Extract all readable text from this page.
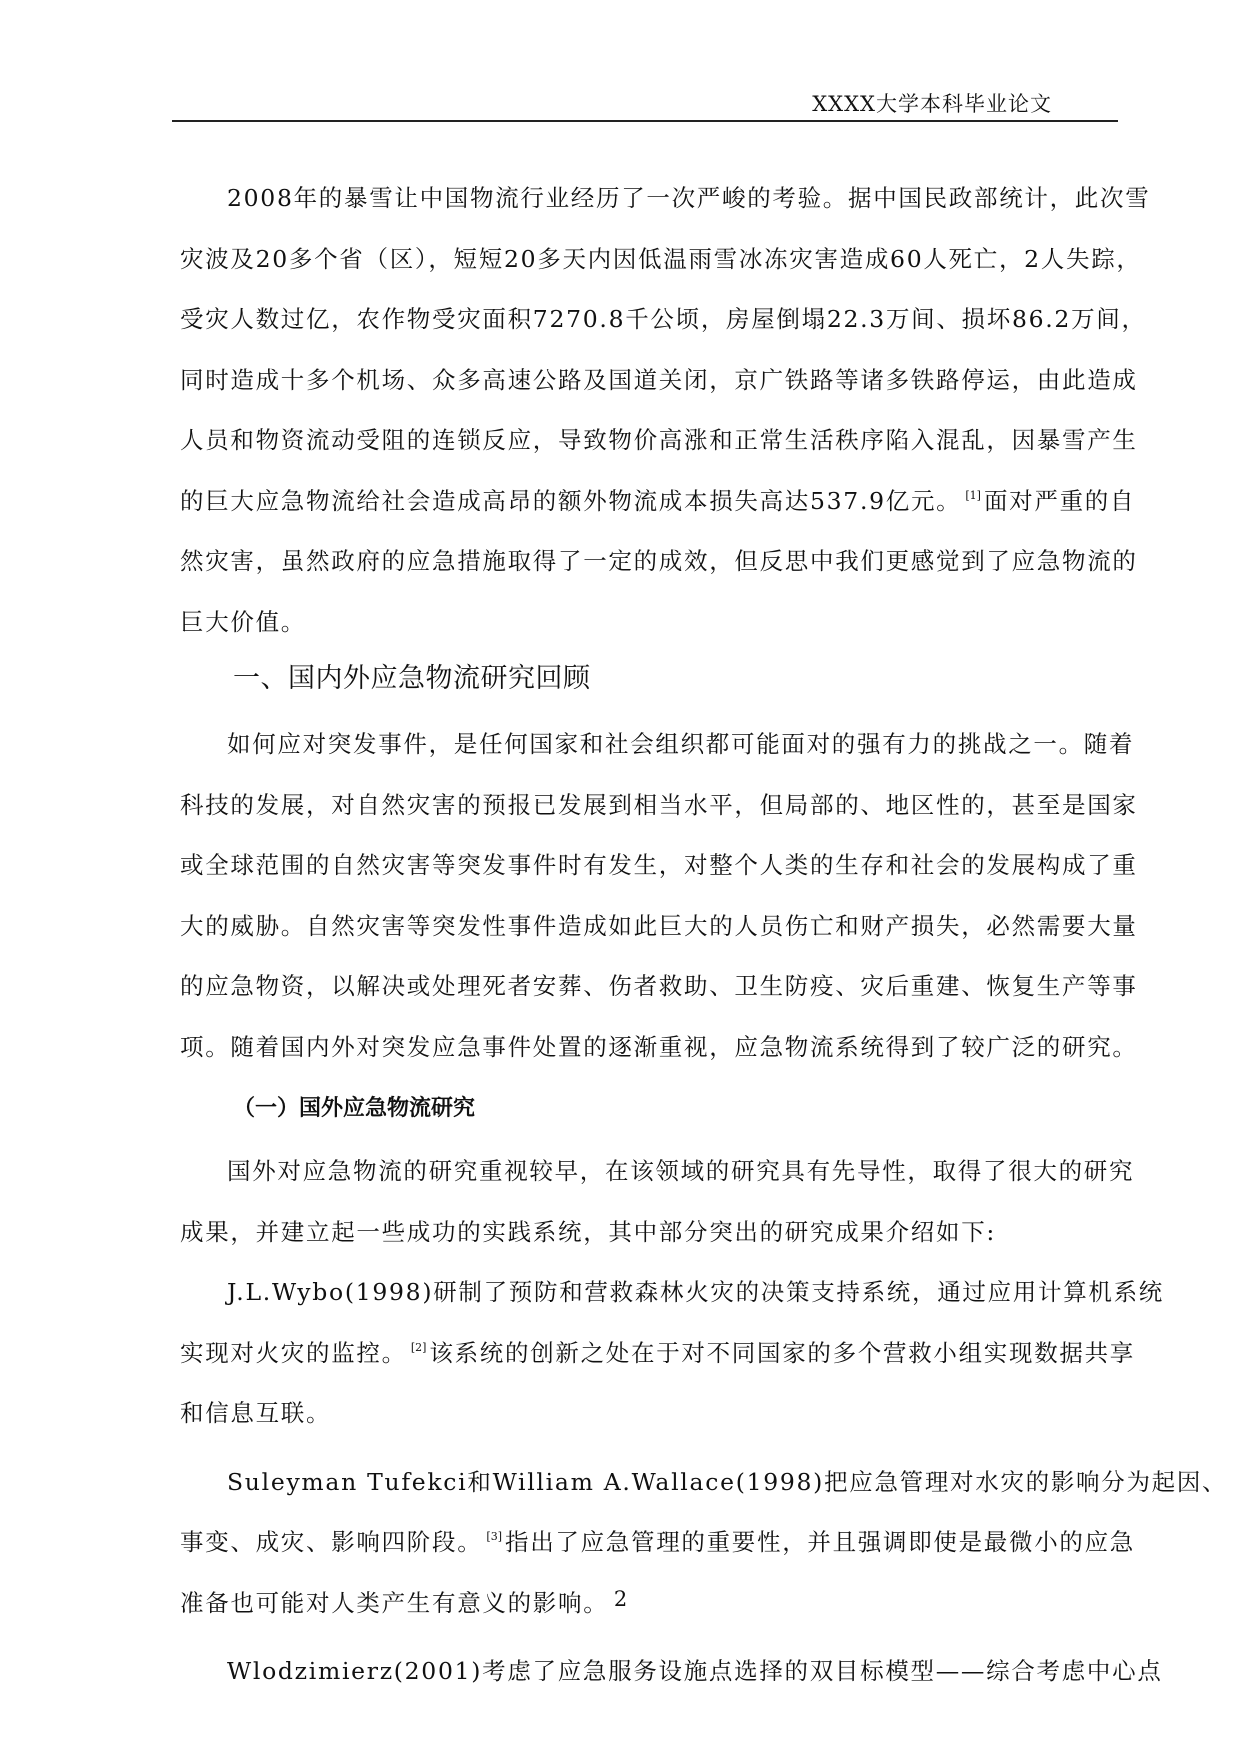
XXXX大学本科毕业论文
2008年的暴雪让中国物流行业经历了一次严峻的考验。据中国民政部统计，此次雪
灾波及20多个省（区），短短20多天内因低温雨雪冰冻灾害造成60人死亡，2人失踪，
受灾人数过亿，农作物受灾面积7270.8千公顷，房屋倒塌22.3万间、损坏86.2万间，
同时造成十多个机场、众多高速公路及国道关闭，京广铁路等诸多铁路停运，由此造成
人员和物资流动受阻的连锁反应，导致物价高涨和正常生活秩序陷入混乱，因暴雪产生
的巨大应急物流给社会造成高昂的额外物流成本损失高达537.9亿元。 [1] 面对严重的自
然灾害，虽然政府的应急措施取得了一定的成效，但反思中我们更感觉到了应急物流的
巨大价值。
一、国内外应急物流研究回顾
如何应对突发事件，是任何国家和社会组织都可能面对的强有力的挑战之一。随着
科技的发展，对自然灾害的预报已发展到相当水平，但局部的、地区性的，甚至是国家
或全球范围的自然灾害等突发事件时有发生，对整个人类的生存和社会的发展构成了重
大的威胁。自然灾害等突发性事件造成如此巨大的人员伤亡和财产损失，必然需要大量
的应急物资，以解决或处理死者安葬、伤者救助、卫生防疫、灾后重建、恢复生产等事
项。随着国内外对突发应急事件处置的逐渐重视，应急物流系统得到了较广泛的研究。
（一）国外应急物流研究
国外对应急物流的研究重视较早，在该领域的研究具有先导性，取得了很大的研究
成果，并建立起一些成功的实践系统，其中部分突出的研究成果介绍如下:
J.L.Wybo(1998)研制了预防和营救森林火灾的决策支持系统，通过应用计算机系统
实现对火灾的监控。 [2] 该系统的创新之处在于对不同国家的多个营救小组实现数据共享
和信息互联。
Suleyman Tufekci和William A.Wallace(1998)把应急管理对水灾的影响分为起因、
事变、成灾、影响四阶段。 [3] 指出了应急管理的重要性，并且强调即使是最微小的应急
准备也可能对人类产生有意义的影响。
Wlodzimierz(2001)考虑了应急服务设施点选择的双目标模型——综合考虑中心点
2
